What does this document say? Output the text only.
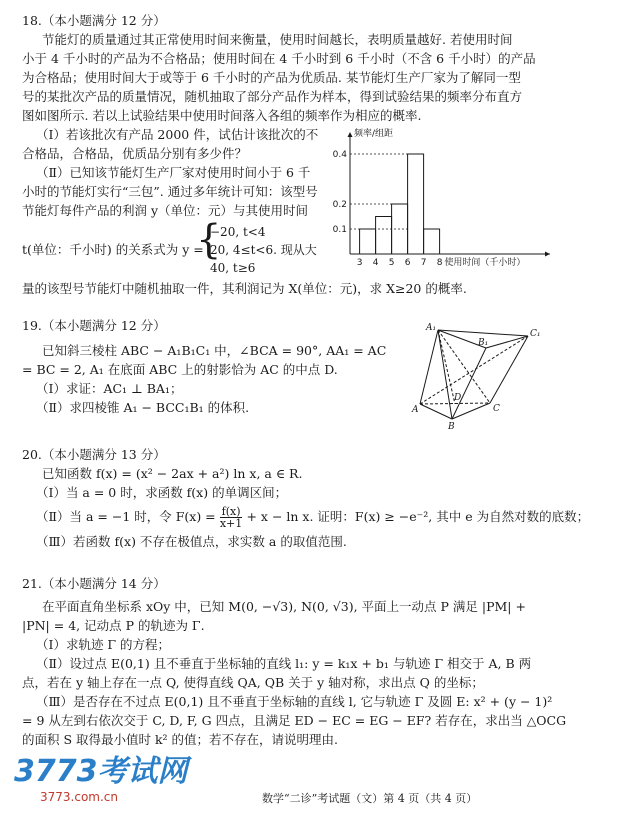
18.（本小题满分 12 分）
节能灯的质量通过其正常使用时间来衡量，使用时间越长，表明质量越好. 若使用时间
小于 4 千小时的产品为不合格品；使用时间在 4 千小时到 6 千小时（不含 6 千小时）的产品
为合格品；使用时间大于或等于 6 千小时的产品为优质品. 某节能灯生产厂家为了解同一型
号的某批次产品的质量情况，随机抽取了部分产品作为样本，得到试验结果的频率分布直方
图如图所示. 若以上试验结果中使用时间落入各组的频率作为相应的概率.
（Ⅰ）若该批次有产品 2000 件，试估计该批次的不
合格品，合格品，优质品分别有多少件？
（Ⅱ）已知该节能灯生产厂家对使用时间小于 6 千
小时的节能灯实行“三包”. 通过多年统计可知：该型号
节能灯每件产品的利润 y（单位：元）与其使用时间
t(单位：千小时) 的关系式为 y =
{
−20, t<4
20, 4≤t<6. 现从大
40, t≥6
量的该型号节能灯中随机抽取一件，其利润记为 X(单位：元)，求 X≥20 的概率.
频率/组距
使用时间（千小时）
0.1
0.2
0.4
3 4 5 6 7 8
19.（本小题满分 12 分）
已知斜三棱柱 ABC − A₁B₁C₁ 中，∠BCA = 90°, AA₁ = AC
= BC = 2, A₁ 在底面 ABC 上的射影恰为 AC 的中点 D.
（Ⅰ）求证：AC₁ ⊥ BA₁；
（Ⅱ）求四棱锥 A₁ − BCC₁B₁ 的体积.
A₁
C₁
B₁
A	C
B
D
20.（本小题满分 13 分）
已知函数 f(x) = (x² − 2ax + a²) ln x, a ∈ R.
（Ⅰ）当 a = 0 时，求函数 f(x) 的单调区间；
（Ⅱ）当 a = −1 时，令 $F(x) = \frac{f(x)}{x+1} + x - \ln x$. 证明：F(x) ≥ −e⁻², 其中 e 为自然对数的底数；
（Ⅲ）若函数 f(x) 不存在极值点，求实数 a 的取值范围.
21.（本小题满分 14 分）
在平面直角坐标系 xOy 中，已知 M(0, −√3), N(0, √3), 平面上一动点 P 满足 |PM| +
|PN| = 4, 记动点 P 的轨迹为 Γ.
（Ⅰ）求轨迹 Γ 的方程；
（Ⅱ）设过点 E(0,1) 且不垂直于坐标轴的直线 l₁: y = k₁x + b₁ 与轨迹 Γ 相交于 A, B 两
点，若在 y 轴上存在一点 Q, 使得直线 QA, QB 关于 y 轴对称，求出点 Q 的坐标；
（Ⅲ）是否存在不过点 E(0,1) 且不垂直于坐标轴的直线 l, 它与轨迹 Γ 及圆 E: x² + (y − 1)²
= 9 从左到右依次交于 C, D, F, G 四点，且满足 ED − EC = EG − EF? 若存在，求出当 △OCG
的面积 S 取得最小值时 k² 的值；若不存在，请说明理由.
3773考试网
3773.com.cn	数学“二诊”考试题（文）第 4 页（共 4 页）
